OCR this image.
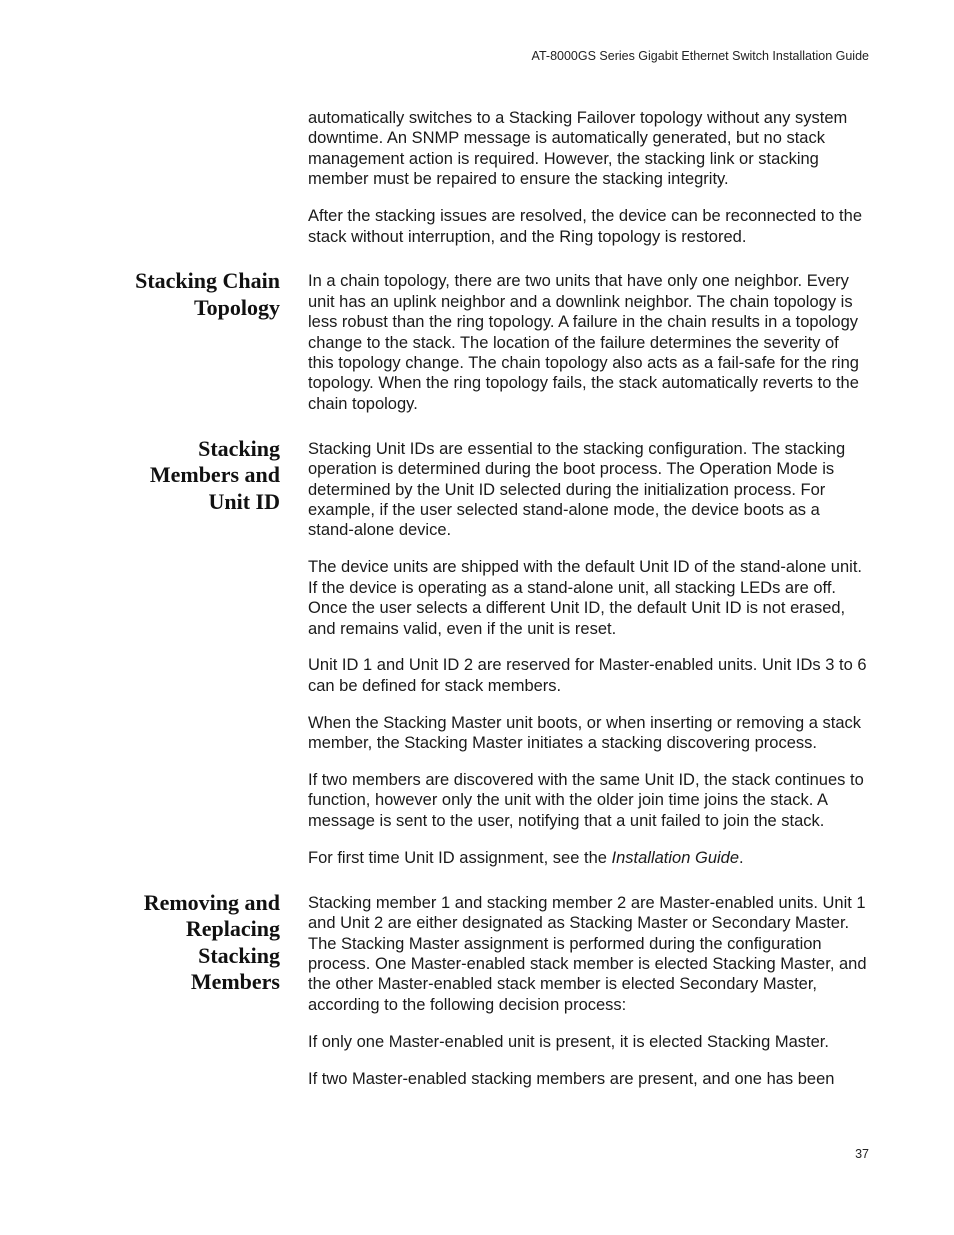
AT-8000GS Series Gigabit Ethernet Switch Installation Guide

automatically switches to a Stacking Failover topology without any system downtime. An SNMP message is automatically generated, but no stack management action is required. However, the stacking link or stacking member must be repaired to ensure the stacking integrity.

After the stacking issues are resolved, the device can be reconnected to the stack without interruption, and the Ring topology is restored.

Stacking Chain
Topology

In a chain topology, there are two units that have only one neighbor. Every unit has an uplink neighbor and a downlink neighbor. The chain topology is less robust than the ring topology. A failure in the chain results in a topology change to the stack. The location of the failure determines the severity of this topology change. The chain topology also acts as a fail-safe for the ring topology. When the ring topology fails, the stack automatically reverts to the chain topology.

Stacking
Members and
Unit ID

Stacking Unit IDs are essential to the stacking configuration. The stacking operation is determined during the boot process. The Operation Mode is determined by the Unit ID selected during the initialization process. For example, if the user selected stand-alone mode, the device boots as a stand-alone device.

The device units are shipped with the default Unit ID of the stand-alone unit. If the device is operating as a stand-alone unit, all stacking LEDs are off. Once the user selects a different Unit ID, the default Unit ID is not erased, and remains valid, even if the unit is reset.

Unit ID 1 and Unit ID 2 are reserved for Master-enabled units. Unit IDs 3 to 6 can be defined for stack members.

When the Stacking Master unit boots, or when inserting or removing a stack member, the Stacking Master initiates a stacking discovering process.

If two members are discovered with the same Unit ID, the stack continues to function, however only the unit with the older join time joins the stack. A message is sent to the user, notifying that a unit failed to join the stack.

For first time Unit ID assignment, see the Installation Guide.

Removing and
Replacing
Stacking
Members

Stacking member 1 and stacking member 2 are Master-enabled units. Unit 1 and Unit 2 are either designated as Stacking Master or Secondary Master. The Stacking Master assignment is performed during the configuration process. One Master-enabled stack member is elected Stacking Master, and the other Master-enabled stack member is elected Secondary Master, according to the following decision process:

If only one Master-enabled unit is present, it is elected Stacking Master.

If two Master-enabled stacking members are present, and one has been

37
